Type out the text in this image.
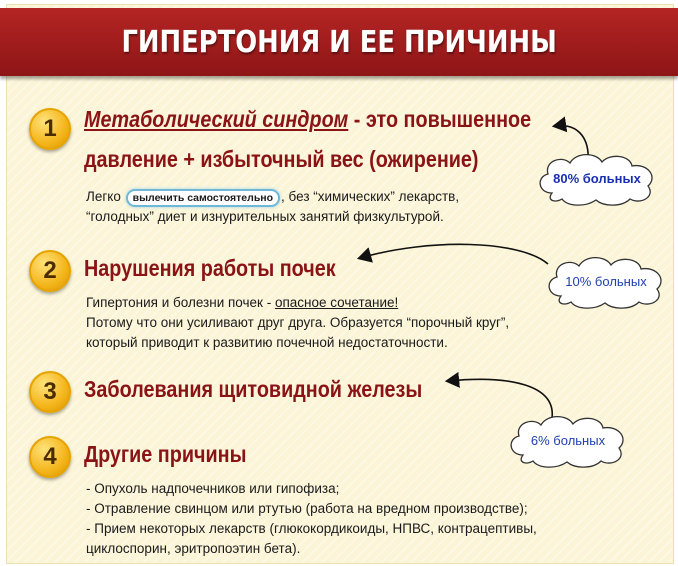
ГИПЕРТОНИЯ И ЕЕ ПРИЧИНЫ
1	Метаболический синдром - это повышенное
давление + избыточный вес (ожирение)
Легко вылечить самостоятельно , без “химических” лекарств,
“голодных” диет и изнурительных занятий физкультурой.
2	Нарушения работы почек
Гипертония и болезни почек - опасное сочетание!
Потому что они усиливают друг друга. Образуется “порочный круг”,
который приводит к развитию почечной недостаточности.
3	Заболевания щитовидной железы
4	Другие причины
- Опухоль надпочечников или гипофиза;
- Отравление свинцом или ртутью (работа на вредном производстве);
- Прием некоторых лекарств (глюкокордикоиды, НПВС, контрацептивы,
циклоспорин, эритропоэтин бета).
80% больных
10% больных
6% больных
